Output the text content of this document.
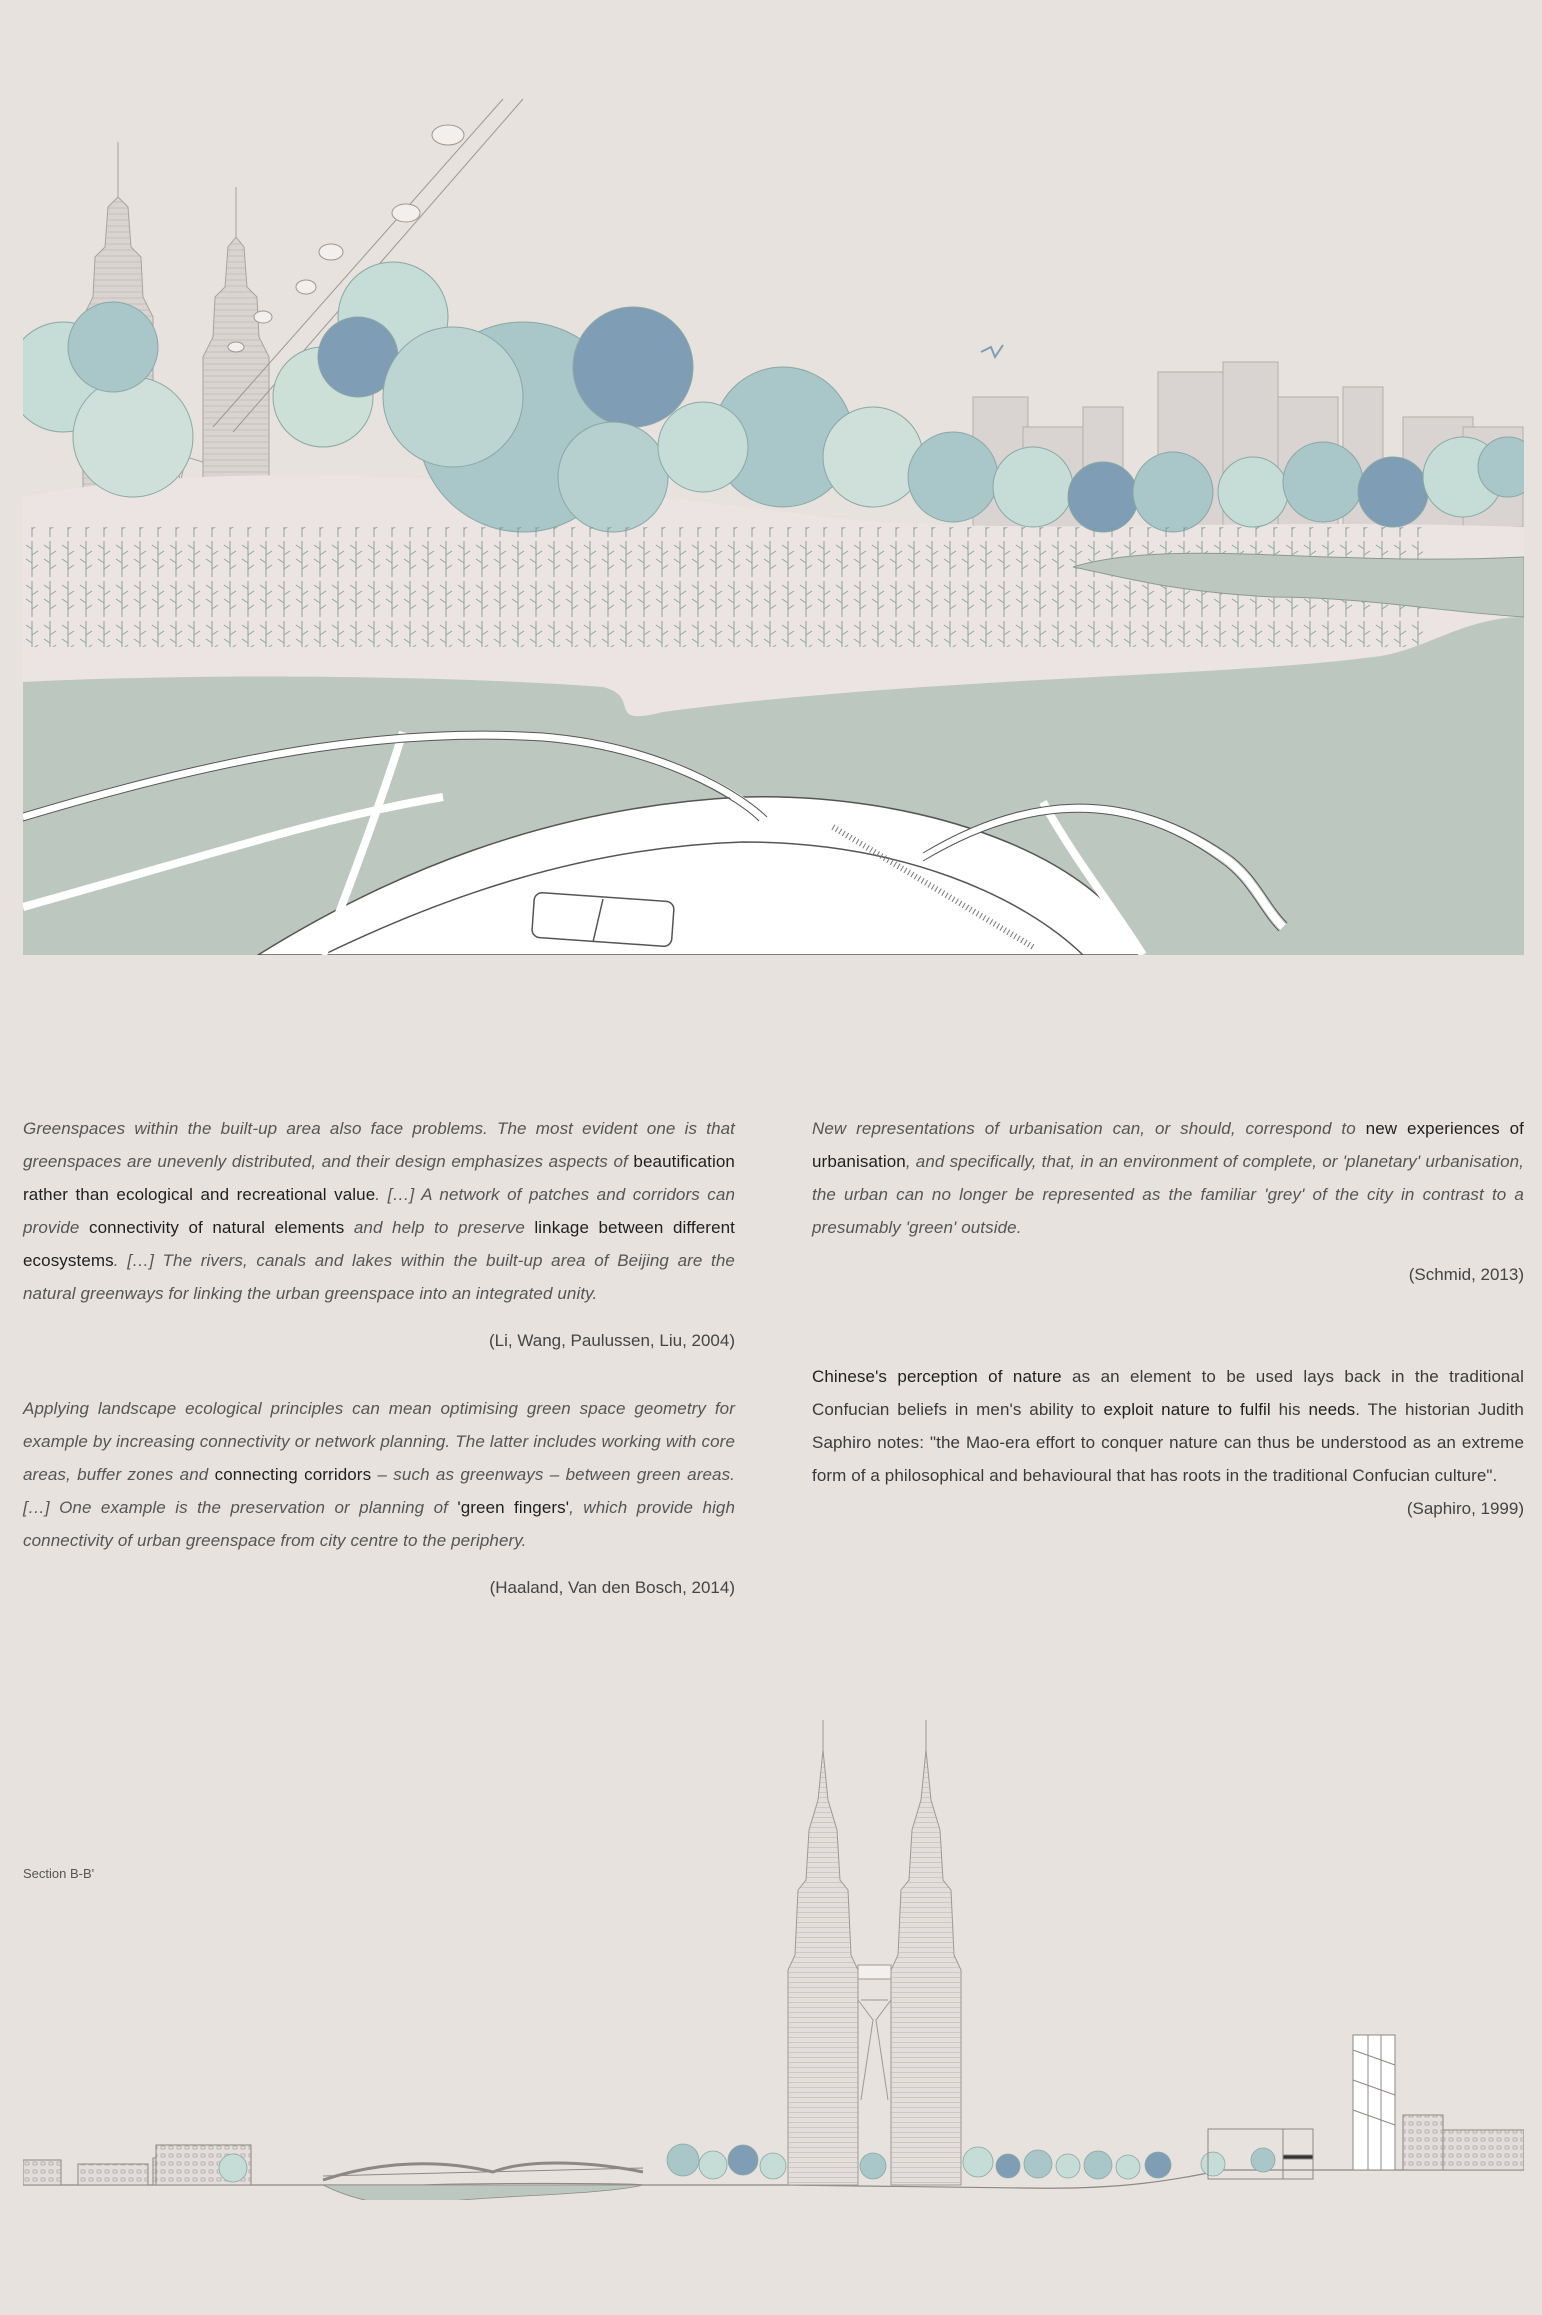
Greenspaces within the built-up area also face problems. The most evident one is that greenspaces are unevenly distributed, and their design emphasizes aspects of beautification rather than ecological and recreational value. […] A network of patches and corridors can provide connectivity of natural elements and help to preserve linkage between different ecosystems. […] The rivers, canals and lakes within the built-up area of Beijing are the natural greenways for linking the urban greenspace into an integrated unity.

(Li, Wang, Paulussen, Liu, 2004)

Applying landscape ecological principles can mean optimising green space geometry for example by increasing connectivity or network planning. The latter includes working with core areas, buffer zones and connecting corridors – such as greenways – between green areas. […] One example is the preservation or planning of 'green fingers', which provide high connectivity of urban greenspace from city centre to the periphery.

(Haaland, Van den Bosch, 2014)

New representations of urbanisation can, or should, correspond to new experiences of urbanisation, and specifically, that, in an environment of complete, or 'planetary' urbanisation, the urban can no longer be represented as the familiar 'grey' of the city in contrast to a presumably 'green' outside.

(Schmid, 2013)

Chinese's perception of nature as an element to be used lays back in the traditional Confucian beliefs in men's ability to exploit nature to fulfil his needs. The historian Judith Saphiro notes: "the Mao-era effort to conquer nature can thus be understood as an extreme form of a philosophical and behavioural that has roots in the traditional Confucian culture".

(Saphiro, 1999)

Section B-B'
